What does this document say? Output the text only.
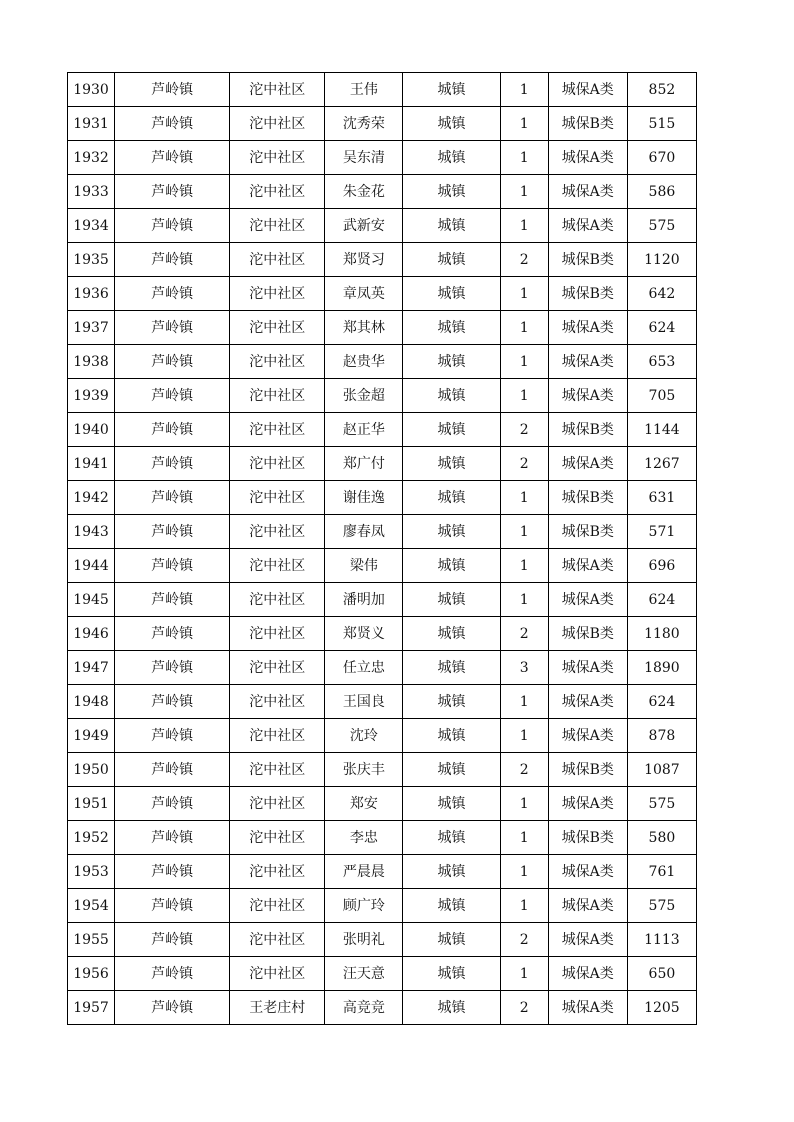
1930	芦岭镇	沱中社区	王伟	城镇	1	城保A类	852
1931	芦岭镇	沱中社区	沈秀荣	城镇	1	城保B类	515
1932	芦岭镇	沱中社区	吴东清	城镇	1	城保A类	670
1933	芦岭镇	沱中社区	朱金花	城镇	1	城保A类	586
1934	芦岭镇	沱中社区	武新安	城镇	1	城保A类	575
1935	芦岭镇	沱中社区	郑贤习	城镇	2	城保B类	1120
1936	芦岭镇	沱中社区	章凤英	城镇	1	城保B类	642
1937	芦岭镇	沱中社区	郑其林	城镇	1	城保A类	624
1938	芦岭镇	沱中社区	赵贵华	城镇	1	城保A类	653
1939	芦岭镇	沱中社区	张金超	城镇	1	城保A类	705
1940	芦岭镇	沱中社区	赵正华	城镇	2	城保B类	1144
1941	芦岭镇	沱中社区	郑广付	城镇	2	城保A类	1267
1942	芦岭镇	沱中社区	谢佳逸	城镇	1	城保B类	631
1943	芦岭镇	沱中社区	廖春凤	城镇	1	城保B类	571
1944	芦岭镇	沱中社区	梁伟	城镇	1	城保A类	696
1945	芦岭镇	沱中社区	潘明加	城镇	1	城保A类	624
1946	芦岭镇	沱中社区	郑贤义	城镇	2	城保B类	1180
1947	芦岭镇	沱中社区	任立忠	城镇	3	城保A类	1890
1948	芦岭镇	沱中社区	王国良	城镇	1	城保A类	624
1949	芦岭镇	沱中社区	沈玲	城镇	1	城保A类	878
1950	芦岭镇	沱中社区	张庆丰	城镇	2	城保B类	1087
1951	芦岭镇	沱中社区	郑安	城镇	1	城保A类	575
1952	芦岭镇	沱中社区	李忠	城镇	1	城保B类	580
1953	芦岭镇	沱中社区	严晨晨	城镇	1	城保A类	761
1954	芦岭镇	沱中社区	顾广玲	城镇	1	城保A类	575
1955	芦岭镇	沱中社区	张明礼	城镇	2	城保A类	1113
1956	芦岭镇	沱中社区	汪天意	城镇	1	城保A类	650
1957	芦岭镇	王老庄村	高竞竞	城镇	2	城保A类	1205
